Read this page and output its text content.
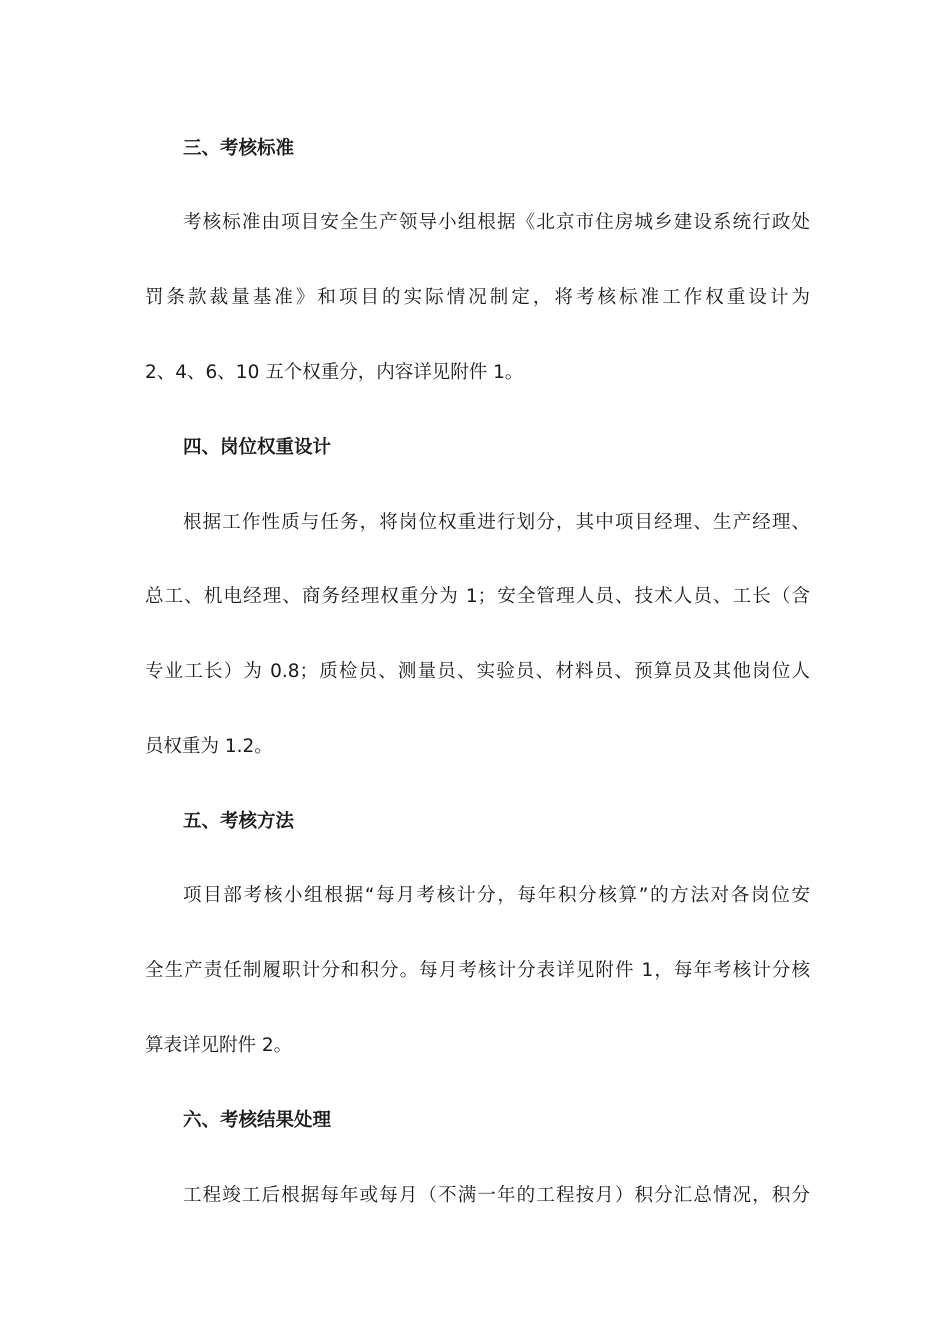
三、考核标准
考核标准由项目安全生产领导小组根据《北京市住房城乡建设系统行政处
罚条款裁量基准》和项目的实际情况制定，将考核标准工作权重设计为
2、4、6、10 五个权重分，内容详见附件 1。
四、岗位权重设计
根据工作性质与任务，将岗位权重进行划分，其中项目经理、生产经理、
总工、机电经理、商务经理权重分为 1；安全管理人员、技术人员、工长（含
专业工长）为 0.8；质检员、测量员、实验员、材料员、预算员及其他岗位人
员权重为 1.2。
五、考核方法
项目部考核小组根据“每月考核计分，每年积分核算”的方法对各岗位安
全生产责任制履职计分和积分。每月考核计分表详见附件 1，每年考核计分核
算表详见附件 2。
六、考核结果处理
工程竣工后根据每年或每月（不满一年的工程按月）积分汇总情况，积分
